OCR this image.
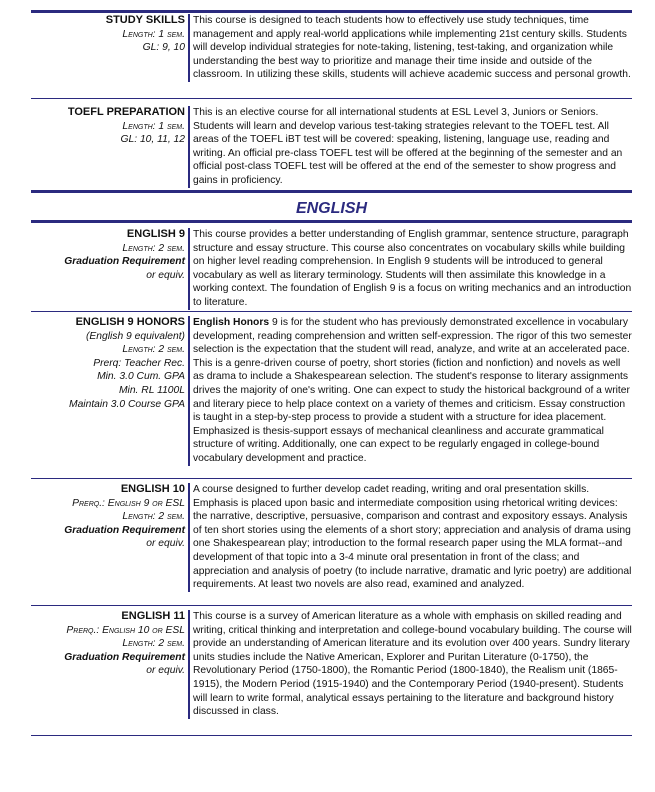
STUDY SKILLS
Length: 1 sem.
GL: 9, 10
This course is designed to teach students how to effectively use study techniques, time management and apply real-world applications while implementing 21st century skills. Students will develop individual strategies for note-taking, listening, test-taking, and organization while understanding the best way to prioritize and manage their time inside and outside of the classroom. In utilizing these skills, students will achieve academic success and personal growth.
TOEFL PREPARATION
Length: 1 sem.
GL: 10, 11, 12
This is an elective course for all international students at ESL Level 3, Juniors or Seniors. Students will learn and develop various test-taking strategies relevant to the TOEFL test. All areas of the TOEFL iBT test will be covered: speaking, listening, language use, reading and writing. An official pre-class TOEFL test will be offered at the beginning of the semester and an official post-class TOEFL test will be offered at the end of the semester to show progress and gains in proficiency.
ENGLISH
ENGLISH 9
Length: 2 sem.
Graduation Requirement
or equiv.
This course provides a better understanding of English grammar, sentence structure, paragraph structure and essay structure. This course also concentrates on vocabulary skills while building on higher level reading comprehension. In English 9 students will be introduced to general vocabulary as well as literary terminology. Students will then assimilate this knowledge in a working context. The foundation of English 9 is a focus on writing mechanics and an introduction to literature.
ENGLISH 9 HONORS
(English 9 equivalent)
Length: 2 sem.
Prerq: Teacher Rec.
Min. 3.0 Cum. GPA
Min. RL 1100L
Maintain 3.0 Course GPA
English Honors 9 is for the student who has previously demonstrated excellence in vocabulary development, reading comprehension and written self-expression. The rigor of this two semester selection is the expectation that the student will read, analyze, and write at an accelerated pace. This is a genre-driven course of poetry, short stories (fiction and nonfiction) and novels as well as drama to include a Shakespearean selection. The student's response to literary assignments drives the majority of one's writing. One can expect to study the historical background of a writer and literary piece to help place context on a variety of themes and criticism. Essay construction is taught in a step-by-step process to provide a student with a structure for idea placement. Emphasized is thesis-support essays of mechanical cleanliness and accurate grammatical structure of writing. Additionally, one can expect to be regularly engaged in college-bound vocabulary development and practice.
ENGLISH 10
Prerq.: English 9 or ESL
Length: 2 sem.
Graduation Requirement
or equiv.
A course designed to further develop cadet reading, writing and oral presentation skills. Emphasis is placed upon basic and intermediate composition using rhetorical writing devices: the narrative, descriptive, persuasive, comparison and contrast and expository essays. Analysis of ten short stories using the elements of a short story; appreciation and analysis of drama using one Shakespearean play; introduction to the formal research paper using the MLA format--and development of that topic into a 3-4 minute oral presentation in front of the class; and appreciation and analysis of poetry (to include narrative, dramatic and lyric poetry) are additional requirements. At least two novels are also read, examined and analyzed.
ENGLISH 11
Prerq.: English 10 or ESL
Length: 2 sem.
Graduation Requirement
or equiv.
This course is a survey of American literature as a whole with emphasis on skilled reading and writing, critical thinking and interpretation and college-bound vocabulary building. The course will provide an understanding of American literature and its evolution over 400 years. Sundry literary units studies include the Native American, Explorer and Puritan Literature (0-1750), the Revolutionary Period (1750-1800), the Romantic Period (1800-1840), the Realism unit (1865-1915), the Modern Period (1915-1940) and the Contemporary Period (1940-present). Students will learn to write formal, analytical essays pertaining to the literature and background history discussed in class.
